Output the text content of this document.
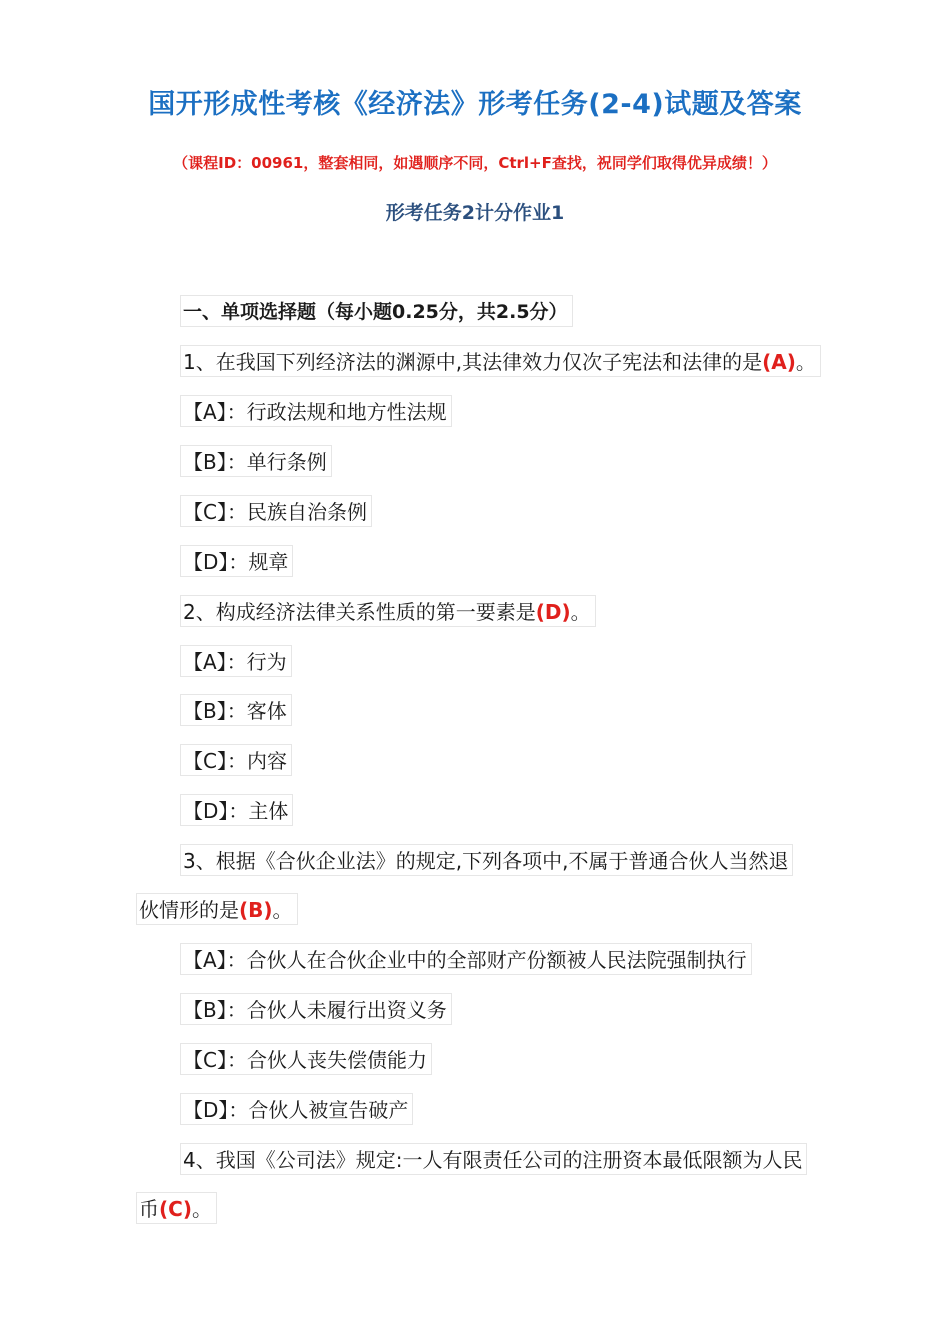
国开形成性考核《经济法》形考任务(2-4)试题及答案
（课程ID：00961，整套相同，如遇顺序不同，Ctrl+F查找，祝同学们取得优异成绩！）
形考任务2计分作业1
一、单项选择题（每小题0.25分，共2.5分）
1、在我国下列经济法的渊源中,其法律效力仅次子宪法和法律的是(A)。
【A】：行政法规和地方性法规
【B】：单行条例
【C】：民族自治条例
【D】：规章
2、构成经济法律关系性质的第一要素是(D)。
【A】：行为
【B】：客体
【C】：内容
【D】：主体
3、根据《合伙企业法》的规定,下列各项中,不属于普通合伙人当然退
伙情形的是(B)。
【A】：合伙人在合伙企业中的全部财产份额被人民法院强制执行
【B】：合伙人未履行出资义务
【C】：合伙人丧失偿债能力
【D】：合伙人被宣告破产
4、我国《公司法》规定:一人有限责任公司的注册资本最低限额为人民
币(C)。
